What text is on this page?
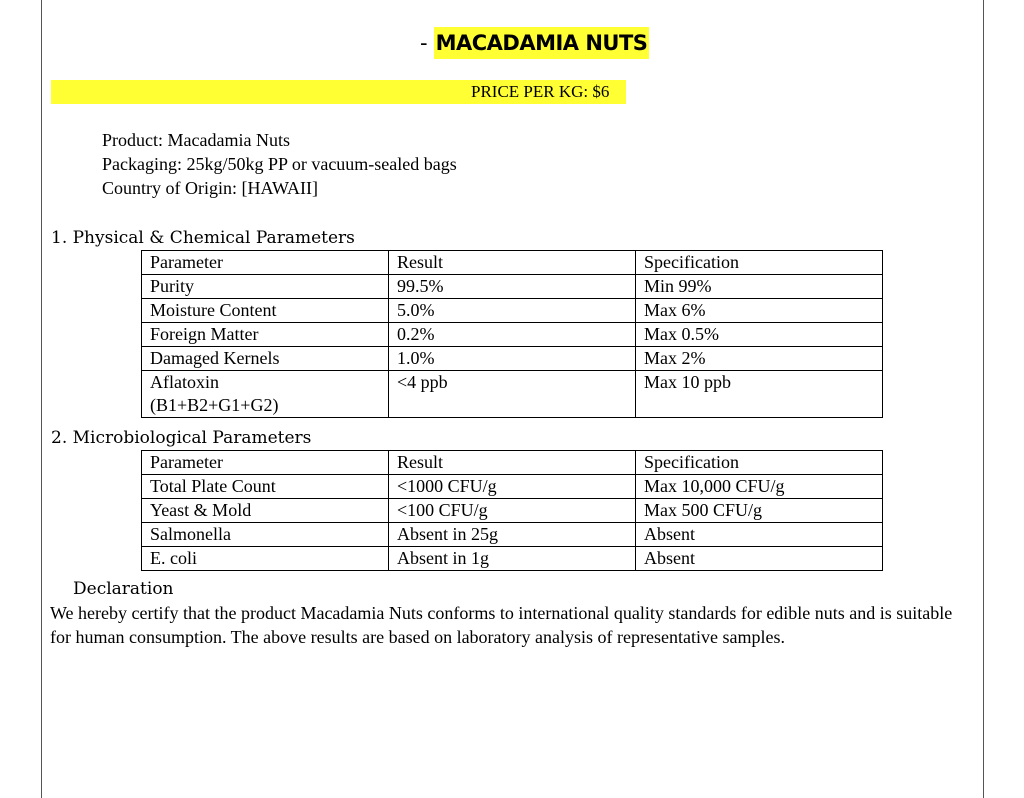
- MACADAMIA NUTS
PRICE PER KG: $6
Product: Macadamia Nuts
Packaging: 25kg/50kg PP or vacuum-sealed bags
Country of Origin: [HAWAII]
1. Physical & Chemical Parameters
Parameter	Result	Specification
Purity	99.5%	Min 99%
Moisture Content	5.0%	Max 6%
Foreign Matter	0.2%	Max 0.5%
Damaged Kernels	1.0%	Max 2%

Aflatoxin
(B1+B2+G1+G2)	<4 ppb	Max 10 ppb
2. Microbiological Parameters
Parameter	Result	Specification
Total Plate Count	<1000 CFU/g	Max 10,000 CFU/g
Yeast & Mold	<100 CFU/g	Max 500 CFU/g
Salmonella	Absent in 25g	Absent
E. coli	Absent in 1g	Absent
Declaration
We hereby certify that the product Macadamia Nuts conforms to international quality standards for edible nuts and is suitable for human consumption. The above results are based on laboratory analysis of representative samples.
